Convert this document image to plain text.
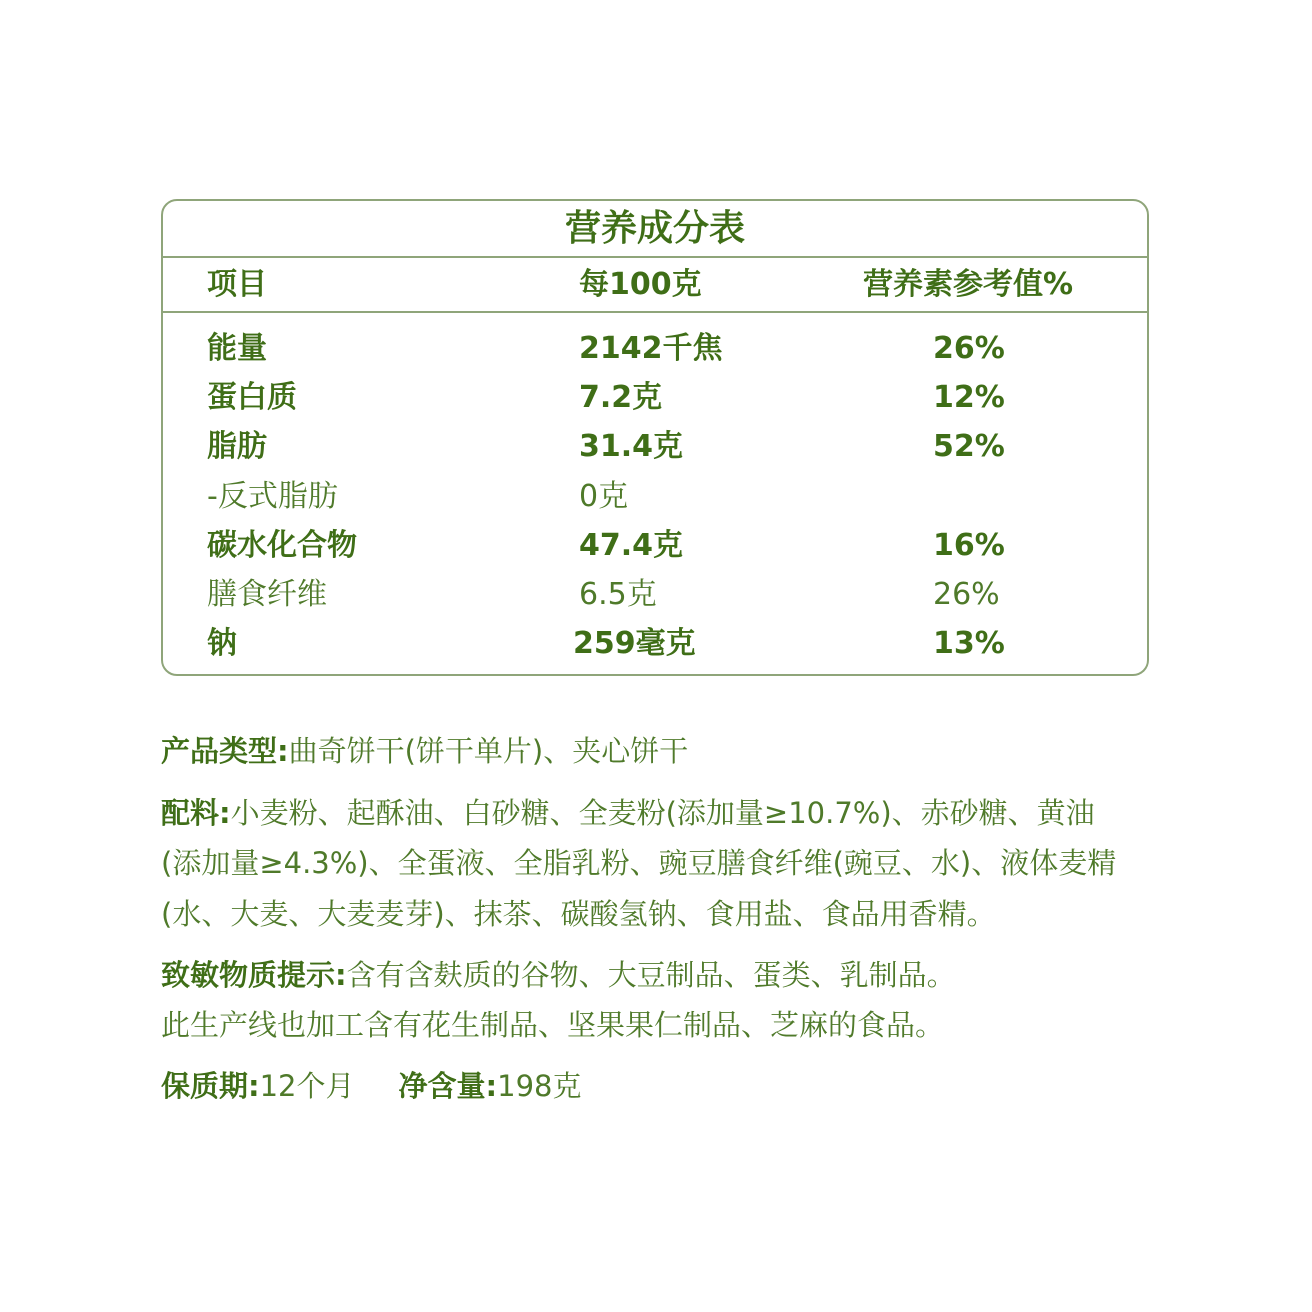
营养成分表
项目	每100克	营养素参考值%
能量	2142千焦	26%
蛋白质	7.2克	12%
脂肪	31.4克	52%
-反式脂肪	0克
碳水化合物	47.4克	16%
膳食纤维	6.5克	26%
钠	259毫克	13%
产品类型:曲奇饼干(饼干单片)、夹心饼干
配料:小麦粉、起酥油、白砂糖、全麦粉(添加量≥10.7%)、赤砂糖、黄油
(添加量≥4.3%)、全蛋液、全脂乳粉、豌豆膳食纤维(豌豆、水)、液体麦精
(水、大麦、大麦麦芽)、抹茶、碳酸氢钠、食用盐、食品用香精。
致敏物质提示:含有含麸质的谷物、大豆制品、蛋类、乳制品。
此生产线也加工含有花生制品、坚果果仁制品、芝麻的食品。
保质期:12个月 净含量:198克
